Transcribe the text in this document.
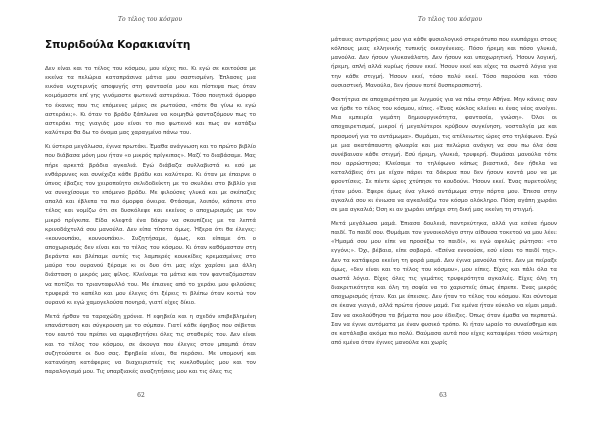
Το τέλος του κόσμου
Σπυριδούλα Κορακιανίτη

Δεν είναι και το τέλος του κόσμου, μου είχες πει. Κι εγώ σε κοιτούσα με εκείνα τα πελώρια καταπράσινα μάτια μου σαστισμένη. Έπλασες μια εικόνα νυχτερινής αποφυγής στη φαντασία μου και πίστεψα πως όταν κοιμόμαστε επί γης γινόμαστε φωτεινά αστεράκια. Τόσο ποιητικά όμορφο το έκανες που τις επόμενες μέρες σε ρωτούσα, «πότε θα γίνω κι εγώ αστεράκι;». Κι όταν το βράδυ ξάπλωνα να κοιμηθώ φανταζόμουν πως το αστεράκι της γιαγιάς μου είναι το πιο φωτεινό και πως αν κατάξω καλύτερα θα δω το όνομα μας χαραγμένο πάνω του.

Κι ύστερα μεγάλωσα, έγινα πρωτάκι. Έμαθα ανάγνωση και το πρώτο βιβλίο που διάβασα μόνη μου ήταν «ο μικρός πρίγκιπας». Μαζί το διαβάσαμε. Μας πήρε αρκετά βράδια αγκαλιά. Εγώ διάβαζα συλλαβιστά κι εσύ με ενθάρρυνες και συνέχιζα κάθε βράδυ και καλύτερα. Κι όταν με έπαιρνε ο ύπνος έβαζες τον χειροποίητο σελιδοδείκτη με το σκυλάκι στο βιβλίο για να συνεχίσουμε το επόμενο βράδυ. Με φιλούσες γλυκά και με σκέπαζες απαλά και έβλεπα τα πιο όμορφα όνειρα. Φτάσαμε, λοιπόν, κάποτε στο τέλος και νομίζω ότι σε δυσκόλεψε και εκείνος ο αποχωρισμός με τον μικρό πρίγκιπα. Είδα κλεφτά ένα δάκρυ να σκουπίζεις με τα λεπτά κρινοδάχτυλά σου μανούλα. Δεν είπα τίποτα όμως. Ήξερα ότι θα έλεγες: «κουνουπάκι, κουνουπάκι». Συζητήσαμε, όμως, και είπαμε ότι ο αποχωρισμός δεν είναι και το τέλος του κόσμου. Κι όταν καθόμασταν στη βεράντα και βλέπαμε αυτές τις λαμπερές κουκκίδες κρεμασμένες στο μαύρο του ουρανού ξέραμε κι οι δυο ότι μας είχε χαρίσει μια άλλη διάσταση ο μικρός μας φίλος. Κλείναμε τα μάτια και τον φανταζόμασταν να ποτίζει το τριανταφυλλό του. Με έπιανες από το χεράκι μου φιλούσες τρυφερά το καπέλο και μου έλεγες ότι ξέρεις τι βλέπω όταν κοιτώ τον ουρανό κι εγώ χαμογελούσα πονηρά, γιατί είχες δίκιο.

Μετά ήρθαν τα ταραχώδη χρόνια. Η εφηβεία και η σχεδόν επιβεβλημένη επανάσταση και σύγκρουση με το σύμπαν. Γιατί κάθε έφηβος που σέβεται τον εαυτό του πρέπει να αμφισβητήσει όλες τις σταθερές του. Δεν είναι και το τέλος του κόσμου, σε άκουγα που έλεγες στον μπαμπά όταν συζητούσατε οι δυο σας. Εφηβεία είναι, θα περάσει. Με υπομονή και κατανόηση κατάφερες να διαχειριστείς τις κυκλοθυμίες μου και τον παραλογισμό μου. Τις υπαρξιακές αναζητήσεις μου και τις όλες τις

62
Το τέλος του κόσμου

μάταιες αντιρρήσεις μου για κάθε φυσιολογικό στερεότυπο που ενυπάρχει στους κόλπους μιας ελληνικής τυπικής οικογένειας. Πόσο ήρεμη και πόσο γλυκιά, μανούλα. Δεν ήσουν γλυκανάλατη. Δεν ήσουν και υποχωρητική. Ήσουν λογική, ήρεμη, απλή αλλά κυρίως ήσουν εκεί. Ήσουν εκεί και είχες τα σωστά λόγια για την κάθε στιγμή. Ήσουν εκεί, τόσο πολύ εκεί. Τόσο παρούσα και τόσο ουσιαστική. Μανούλα, δεν ήσουν ποτέ δυσπερασπιστή.

Φοιτήτρια σε αποχαιρέτησα με λυγμούς για να πάω στην Αθήνα. Μην κάνεις σαν να ήρθε το τέλος του κόσμου, είπες. «Ένας κύκλος κλείνει κι ένας νέος ανοίγει. Μια εμπειρία γεμάτη δημιουργικότητα, φαντασία, γνώση». Όλοι οι αποχαιρετισμοί, μικροί ή μεγαλύτεροι κρύβουν συγκίνηση, νοσταλγία μα και προσμονή για το αντάμωμα». Θυμάμαι, τις ατέλειωτες ώρες στο τηλέφωνο. Εγώ με μια ακατάπαυστη φλυαρία και μια πελώρια ανάγκη να σου πω όλα όσα συνέβαιναν κάθε στιγμή. Εσύ ήρεμη, γλυκιά, τρυφερή. Θυμάσαι μανούλα τότε που αρρώστησα; Κλείσαμε το τηλέφωνο κάπως βιαστικά, δεν ήθελα να καταλάβεις ότι με είχαν πάρει τα δάκρυα που δεν ήσουν κοντά μου να με φροντίσεις. Σε πέντε ώρες χτύπησε το κουδούνι. Ήσουν εκεί. Ένας πυρετούλης ήταν μόνο. Έφερε όμως ένα γλυκό αντάμωμα στην πόρτα μου. Έπεσα στην αγκαλιά σου κι ένιωσα να αγκαλιάζω τον κόσμο ολόκληρο. Πόση αγάπη χωράει σε μια αγκαλιά; Όση κι αν χωράει υπήρχε στη δική μας εκείνη τη στιγμή.

Μετά μεγάλωσα μαμά. Έπιασα δουλειά, παντρεύτηκα, αλλά για εσένα ήμουν παιδί. Το παιδί σου. Θυμάμαι τον γυναικολόγο στην αίθουσα τοκετού να μου λέει: «Ήμαμά σου μου είπε να προσέξω το παιδί», κι εγώ αφελώς ρώτησα: «το εγγόνι;». Όχι, βέβαια, είπε σοβαρά. «Εσένα εννοούσε, εσύ είσαι το παιδί της». Δεν τα κατάφερα εκείνη τη φορά μαμά. Δεν έγινα μανούλα τότε. Δεν με πείραξε όμως, «δεν είναι και το τέλος του κόσμου», μου είπες. Είχες και πάλι όλα τα σωστά λόγια. Είχες όλες τις γεμάτες τρυφερότητα αγκαλιές. Είχες όλη τη διακριτικότητα και όλη τη σοφία να το χαριστείς όπως έπρεπε. Ένας μικρός αποχωρισμός ήταν. Και με έπεισες. Δεν ήταν το τέλος του κόσμου. Και σύντομα σε έκανα γιαγιά, αλλά πρώτα ήσουν μαμά. Για εμένα ήταν εύκολο να είμαι μαμά. Σαν να ακολούθησα τα βήματα που μου έδειξες. Όπως όταν έμαθα να περπατώ. Σαν να έγινε αυτόματα με έναν φυσικό τρόπο. Κι ήταν ωραίο το συναίσθημα και σε κατάλαβα ακόμα πιο πολύ. Θαύμασα αυτά που είχες καταφέρει τόσο νεώτερη από εμένα όταν έγινες μανούλα και χωρίς

63
